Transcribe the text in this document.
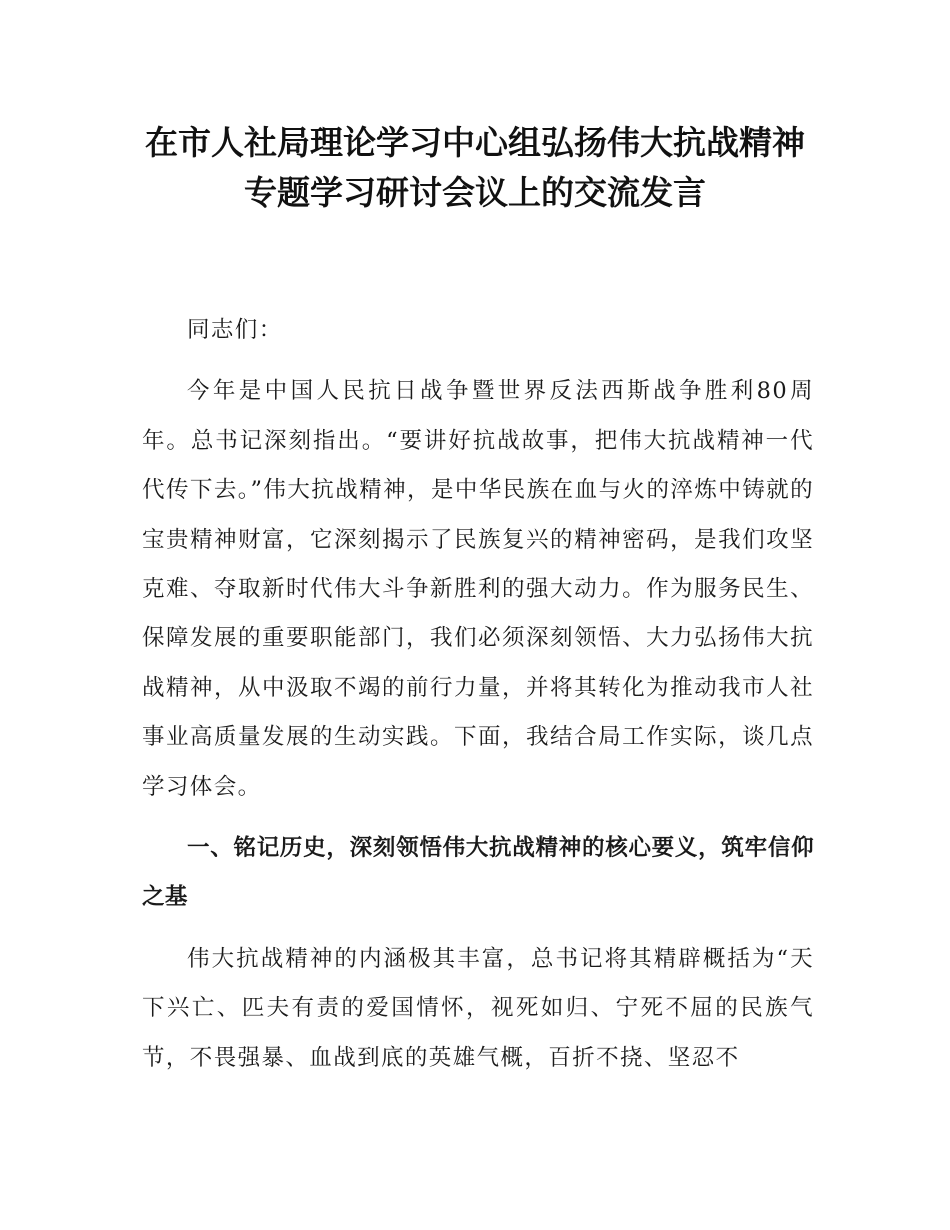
在市人社局理论学习中心组弘扬伟大抗战精神专题学习研讨会议上的交流发言

同志们：

今年是中国人民抗日战争暨世界反法西斯战争胜利80周年。总书记深刻指出。“要讲好抗战故事，把伟大抗战精神一代代传下去。”伟大抗战精神，是中华民族在血与火的淬炼中铸就的宝贵精神财富，它深刻揭示了民族复兴的精神密码，是我们攻坚克难、夺取新时代伟大斗争新胜利的强大动力。作为服务民生、保障发展的重要职能部门，我们必须深刻领悟、大力弘扬伟大抗战精神，从中汲取不竭的前行力量，并将其转化为推动我市人社事业高质量发展的生动实践。下面，我结合局工作实际，谈几点学习体会。

一、铭记历史，深刻领悟伟大抗战精神的核心要义，筑牢信仰之基

伟大抗战精神的内涵极其丰富，总书记将其精辟概括为“天下兴亡、匹夫有责的爱国情怀，视死如归、宁死不屈的民族气节，不畏强暴、血战到底的英雄气概，百折不挠、坚忍不
